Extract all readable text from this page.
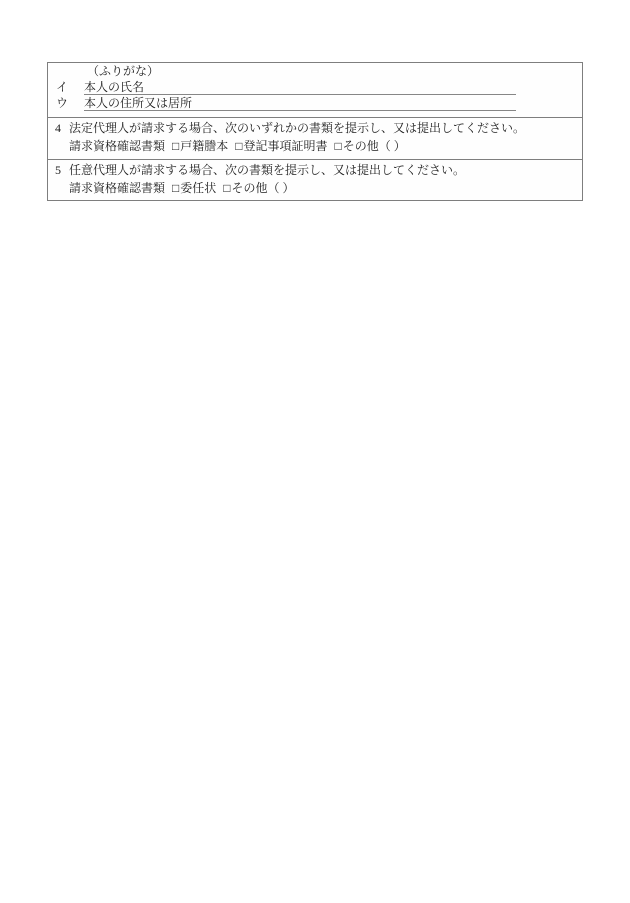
（ふりがな）
イ	本人の氏名
ウ	本人の住所又は居所
4 法定代理人が請求する場合、次のいずれかの書類を提示し、又は提出してください。
請求資格確認書類 □戸籍謄本 □登記事項証明書 □その他（ ）
5 任意代理人が請求する場合、次の書類を提示し、又は提出してください。
請求資格確認書類 □委任状 □その他（ ）
